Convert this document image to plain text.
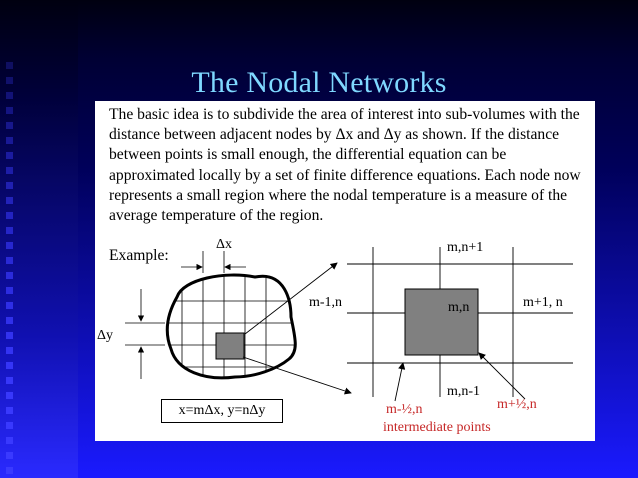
The Nodal Networks

The basic idea is to subdivide the area of interest into sub-volumes with the distance between adjacent nodes by Δx and Δy as shown. If the distance between points is small enough, the differential equation can be approximated locally by a set of finite difference equations. Each node now represents a small region where the nodal temperature is a measure of the average temperature of the region.

Example:
Δx
Δy
m,n+1
m-1,n	m,n	m+1, n
m,n-1
m-½,n	m+½,n
intermediate points
x=mΔx, y=nΔy
